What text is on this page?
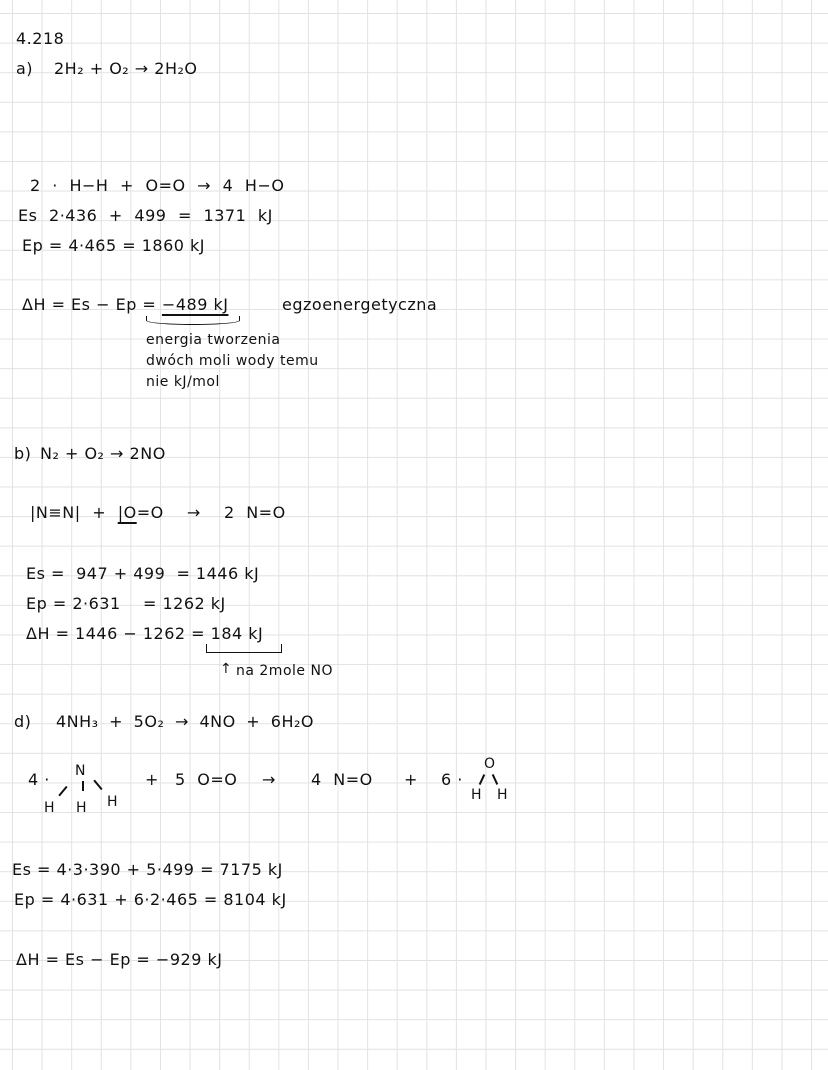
4.218
a) 2H₂ + O₂ → 2H₂O
2 · H−H + O=O → 4 H−O
Es 2·436 + 499 = 1371 kJ
Ep = 4·465 = 1860 kJ
ΔH = Es − Ep = −489 kJ	egzoenergetyczna
energia tworzenia
dwóch moli wody temu
nie kJ/mol
b) N₂ + O₂ → 2NO
|N≡N| + |O=O  →  2 N=O
Es =  947 + 499  = 1446 kJ
Ep = 2·631    = 1262 kJ
ΔH = 1446 − 1262 = 184 kJ
↑ na 2mole NO
d) 4NH₃ + 5O₂ → 4NO + 6H₂O
4 · N
H H H
+ 5 O=O → 4 N=O + 6 ·
O
H H
Es = 4·3·390 + 5·499 = 7175 kJ
Ep = 4·631 + 6·2·465 = 8104 kJ
ΔH = Es − Ep = −929 kJ
